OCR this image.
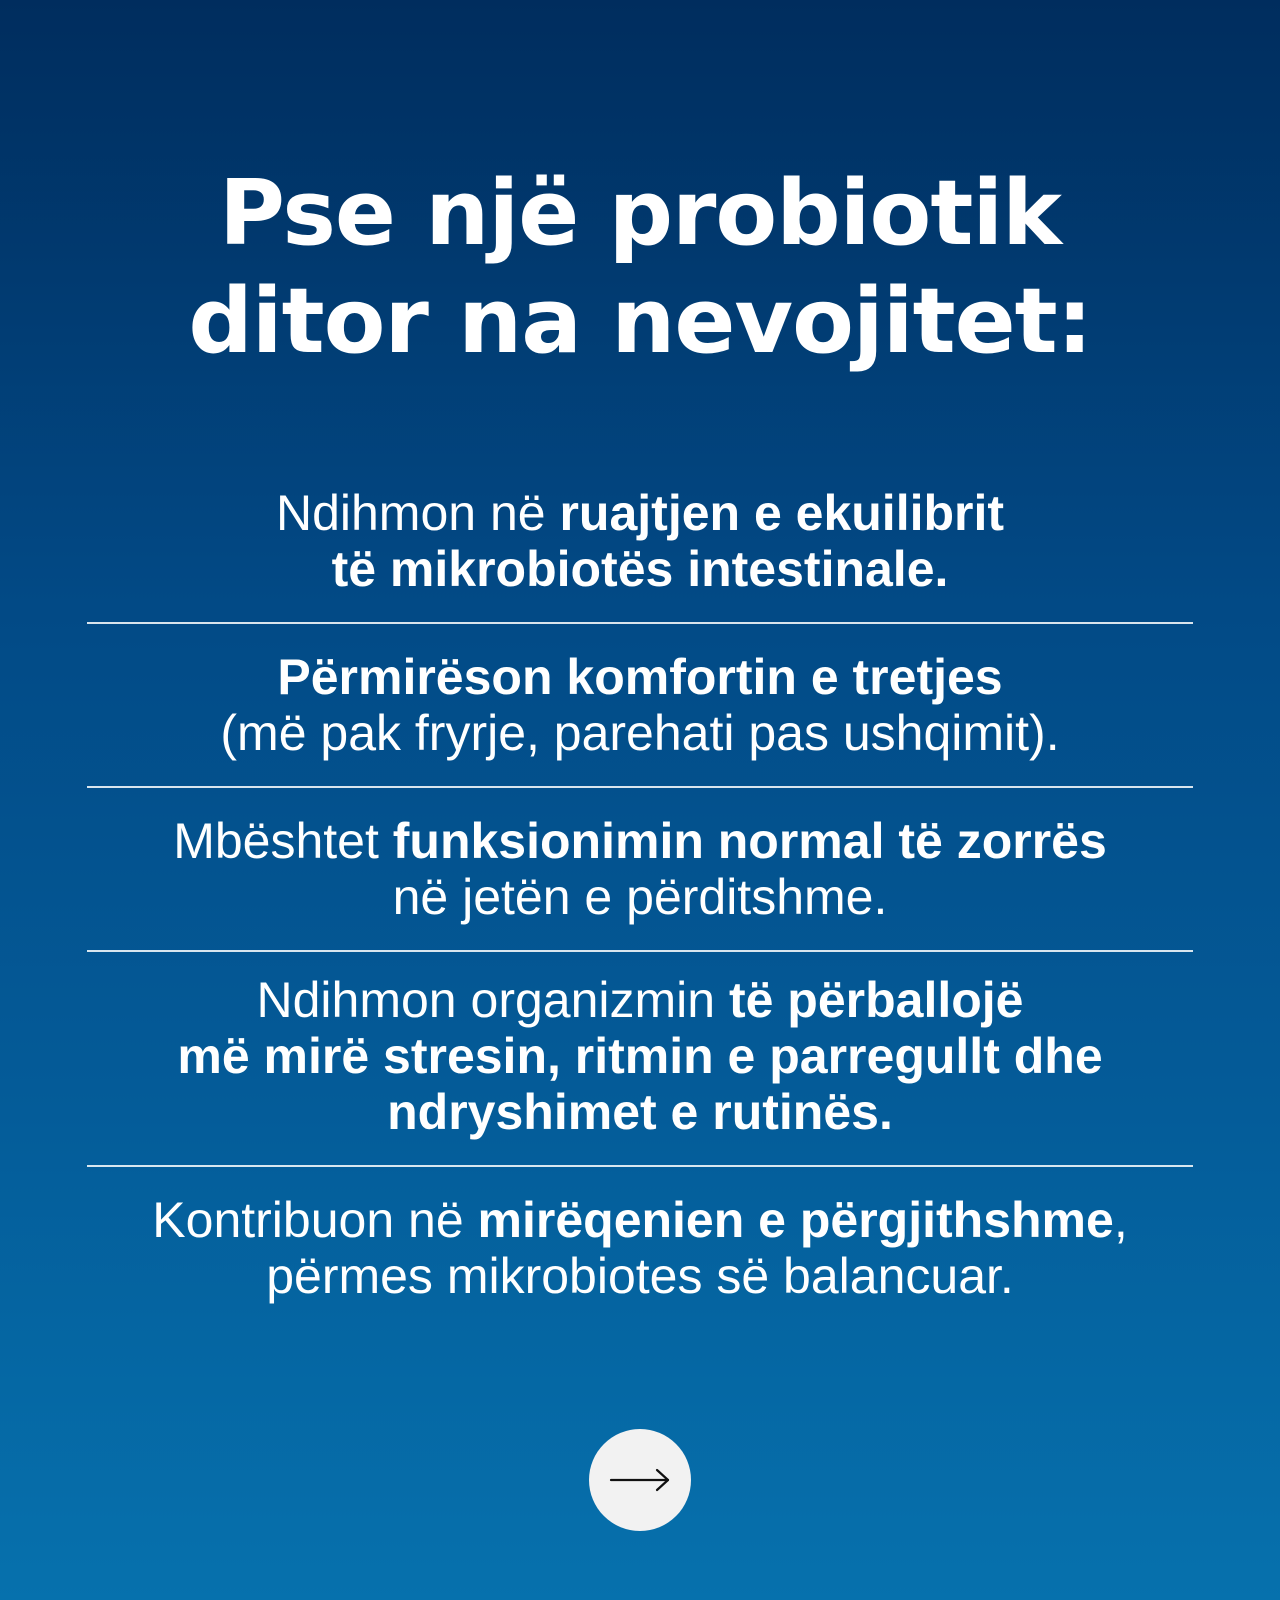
Pse një probiotik
ditor na nevojitet:

Ndihmon në ruajtjen e ekuilibrit
të mikrobiotës intestinale.

Përmirëson komfortin e tretjes
(më pak fryrje, parehati pas ushqimit).

Mbështet funksionimin normal të zorrës
në jetën e përditshme.

Ndihmon organizmin të përballojë
më mirë stresin, ritmin e parregullt dhe
ndryshimet e rutinës.

Kontribuon në mirëqenien e përgjithshme,
përmes mikrobiotes së balancuar.
